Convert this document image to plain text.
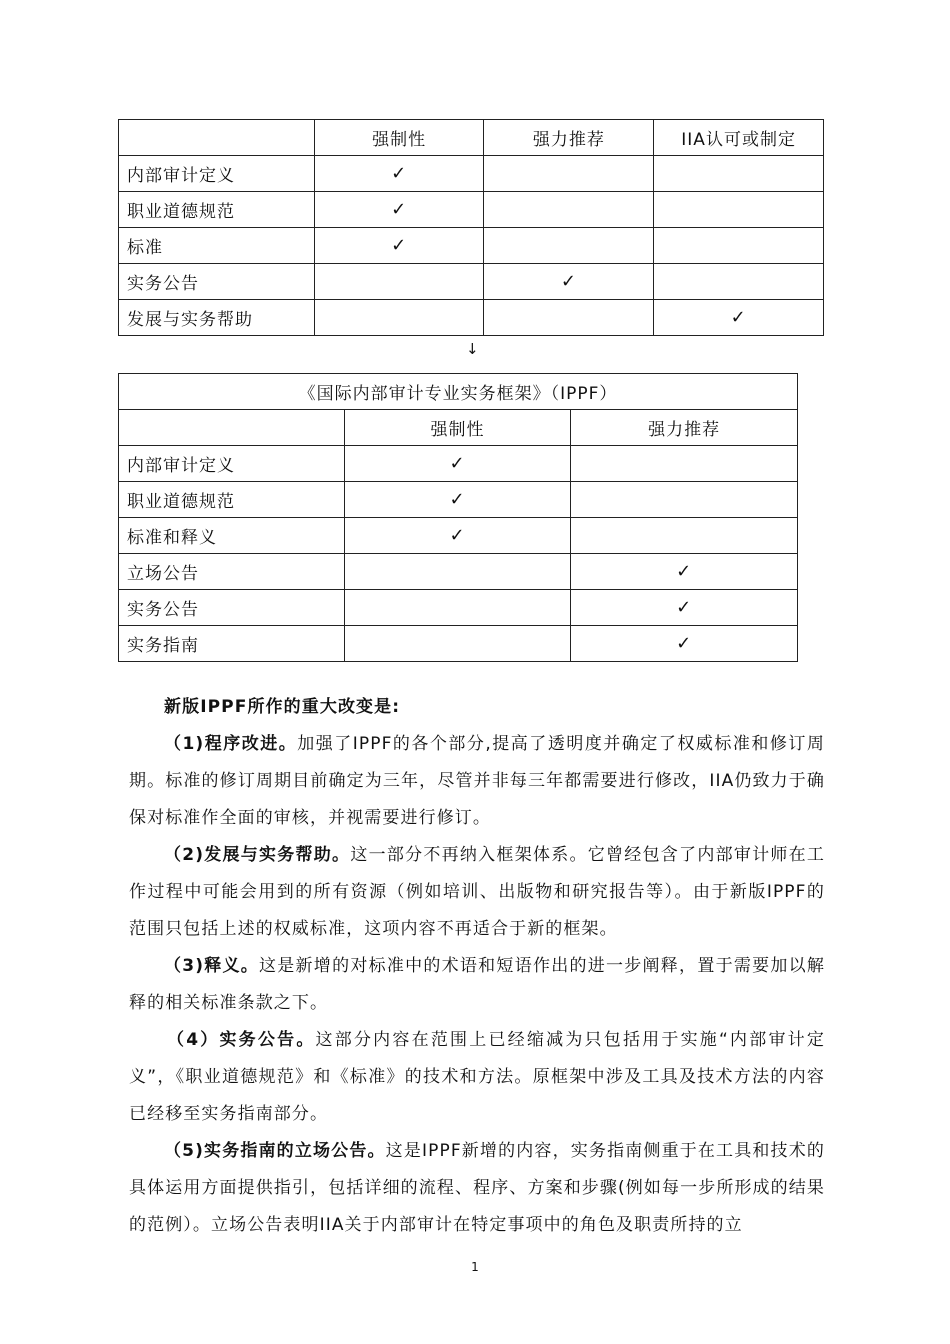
	强制性	强力推荐	IIA认可或制定
内部审计定义	✓		
职业道德规范	✓		
标准	✓		
实务公告		✓	
发展与实务帮助			✓
↓
《国际内部审计专业实务框架》（IPPF）		
	强制性	强力推荐
内部审计定义	✓	
职业道德规范	✓	
标准和释义	✓	
立场公告		✓
实务公告		✓
实务指南		✓

新版IPPF所作的重大改变是:

（1)程序改进。加强了IPPF的各个部分,提高了透明度并确定了权威标准和修订周期。标准的修订周期目前确定为三年，尽管并非每三年都需要进行修改，IIA仍致力于确保对标准作全面的审核，并视需要进行修订。

（2)发展与实务帮助。这一部分不再纳入框架体系。它曾经包含了内部审计师在工作过程中可能会用到的所有资源（例如培训、出版物和研究报告等）。由于新版IPPF的范围只包括上述的权威标准，这项内容不再适合于新的框架。

（3)释义。这是新增的对标准中的术语和短语作出的进一步阐释，置于需要加以解释的相关标准条款之下。

（4）实务公告。这部分内容在范围上已经缩减为只包括用于实施“内部审计定义”，《职业道德规范》和《标准》的技术和方法。原框架中涉及工具及技术方法的内容已经移至实务指南部分。

（5)实务指南的立场公告。这是IPPF新增的内容，实务指南侧重于在工具和技术的具体运用方面提供指引，包括详细的流程、程序、方案和步骤(例如每一步所形成的结果的范例）。立场公告表明IIA关于内部审计在特定事项中的角色及职责所持的立

1
